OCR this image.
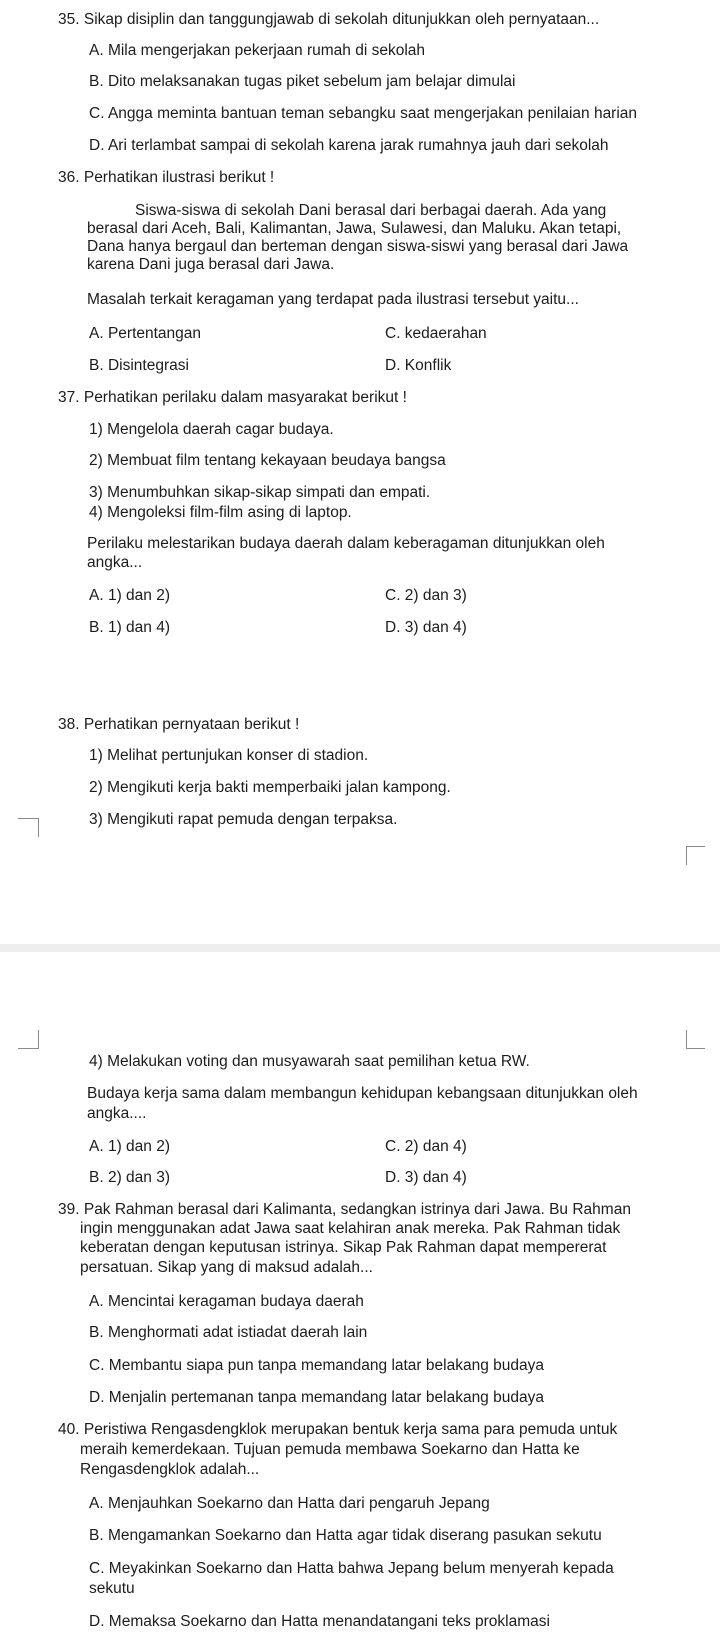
35. Sikap disiplin dan tanggungjawab di sekolah ditunjukkan oleh pernyataan...
A. Mila mengerjakan pekerjaan rumah di sekolah
B. Dito melaksanakan tugas piket sebelum jam belajar dimulai
C. Angga meminta bantuan teman sebangku saat mengerjakan penilaian harian
D. Ari terlambat sampai di sekolah karena jarak rumahnya jauh dari sekolah
36. Perhatikan ilustrasi berikut !
Siswa-siswa di sekolah Dani berasal dari berbagai daerah. Ada yang
berasal dari Aceh, Bali, Kalimantan, Jawa, Sulawesi, dan Maluku. Akan tetapi,
Dana hanya bergaul dan berteman dengan siswa-siswi yang berasal dari Jawa
karena Dani juga berasal dari Jawa.
Masalah terkait keragaman yang terdapat pada ilustrasi tersebut yaitu...
A. Pertentangan	C. kedaerahan
B. Disintegrasi	D. Konflik
37. Perhatikan perilaku dalam masyarakat berikut !
1) Mengelola daerah cagar budaya.
2) Membuat film tentang kekayaan beudaya bangsa
3) Menumbuhkan sikap-sikap simpati dan empati.
4) Mengoleksi film-film asing di laptop.
Perilaku melestarikan budaya daerah dalam keberagaman ditunjukkan oleh
angka...
A. 1) dan 2)	C. 2) dan 3)
B. 1) dan 4)	D. 3) dan 4)
38. Perhatikan pernyataan berikut !
1) Melihat pertunjukan konser di stadion.
2) Mengikuti kerja bakti memperbaiki jalan kampong.
3) Mengikuti rapat pemuda dengan terpaksa.
4) Melakukan voting dan musyawarah saat pemilihan ketua RW.
Budaya kerja sama dalam membangun kehidupan kebangsaan ditunjukkan oleh
angka....
A. 1) dan 2)	C. 2) dan 4)
B. 2) dan 3)	D. 3) dan 4)
39. Pak Rahman berasal dari Kalimanta, sedangkan istrinya dari Jawa. Bu Rahman
ingin menggunakan adat Jawa saat kelahiran anak mereka. Pak Rahman tidak
keberatan dengan keputusan istrinya. Sikap Pak Rahman dapat mempererat
persatuan. Sikap yang di maksud adalah...
A. Mencintai keragaman budaya daerah
B. Menghormati adat istiadat daerah lain
C. Membantu siapa pun tanpa memandang latar belakang budaya
D. Menjalin pertemanan tanpa memandang latar belakang budaya
40. Peristiwa Rengasdengklok merupakan bentuk kerja sama para pemuda untuk
meraih kemerdekaan. Tujuan pemuda membawa Soekarno dan Hatta ke
Rengasdengklok adalah...
A. Menjauhkan Soekarno dan Hatta dari pengaruh Jepang
B. Mengamankan Soekarno dan Hatta agar tidak diserang pasukan sekutu
C. Meyakinkan Soekarno dan Hatta bahwa Jepang belum menyerah kepada
sekutu
D. Memaksa Soekarno dan Hatta menandatangani teks proklamasi
